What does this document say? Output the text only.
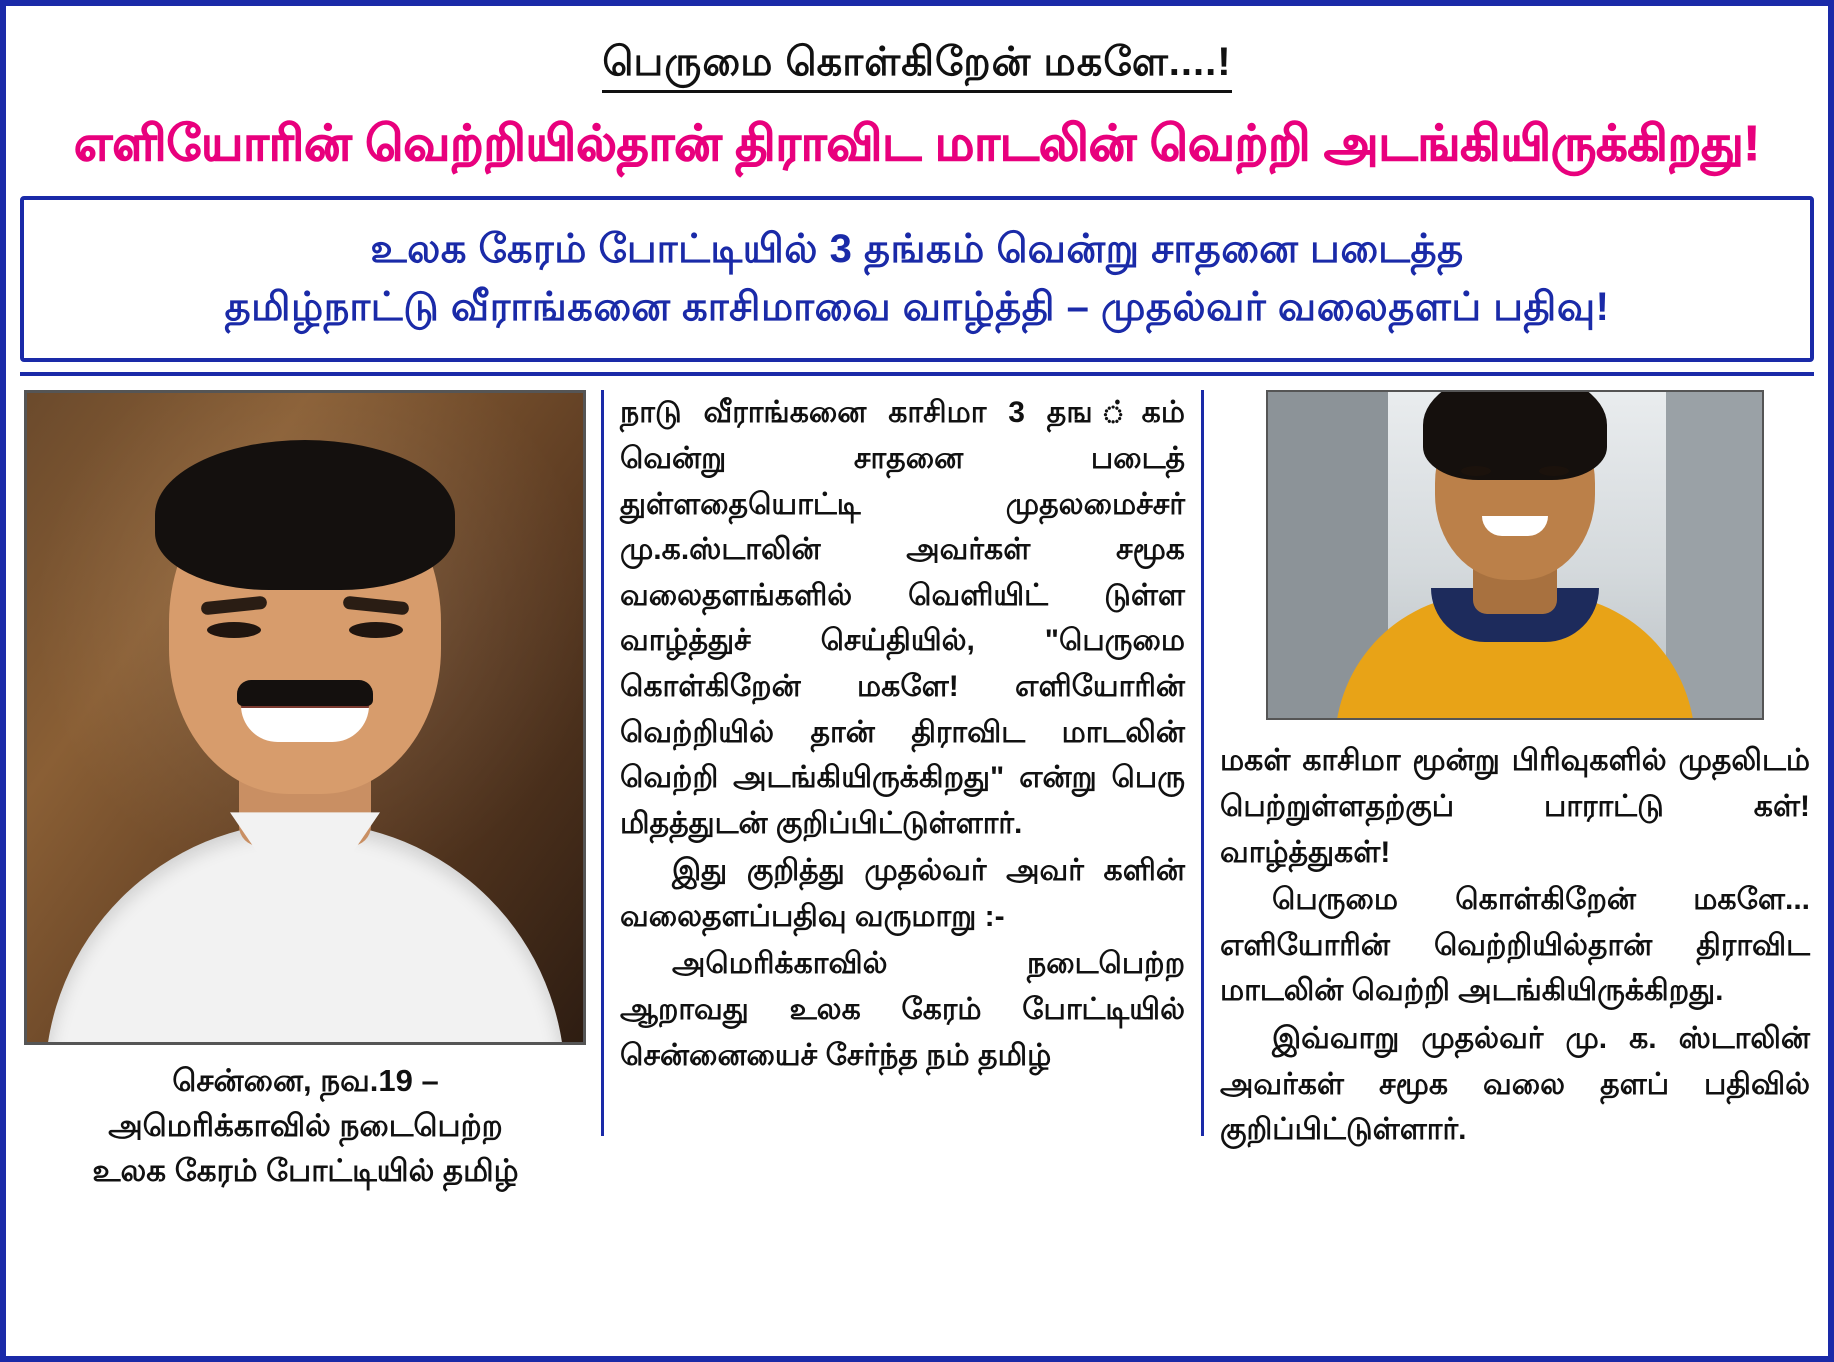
பெருமை கொள்கிறேன் மகளே....!
எளியோரின் வெற்றியில்தான் திராவிட மாடலின் வெற்றி அடங்கியிருக்கிறது!
உலக கேரம் போட்டியில் 3 தங்கம் வென்று சாதனை படைத்த
தமிழ்நாட்டு வீராங்கனை காசிமாவை வாழ்த்தி – முதல்வர் வலைதளப் பதிவு!
சென்னை, நவ.19 –
அமெரிக்காவில் நடைபெற்ற
உலக கேரம் போட்டியில் தமிழ்

நாடு வீராங்கனை காசிமா 3 தங ்கம் வென்று சாதனை படைத் துள்ளதையொட்டி முதலமைச்சர் மு.க.ஸ்டாலின் அவர்கள் சமூக வலைதளங்களில் வெளியிட் டுள்ள வாழ்த்துச் செய்தியில், "பெருமை கொள்கிறேன் மகளே! எளியோரின் வெற்றியில் தான் திராவிட மாடலின் வெற்றி அடங்கியிருக்கிறது" என்று பெரு மிதத்துடன் குறிப்பிட்டுள்ளார்.

இது குறித்து முதல்வர் அவர் களின் வலைதளப்பதிவு வருமாறு :-

அமெரிக்காவில் நடைபெற்ற ஆறாவது உலக கேரம் போட்டியில் சென்னையைச் சேர்ந்த நம் தமிழ்

மகள் காசிமா மூன்று பிரிவுகளில் முதலிடம் பெற்றுள்ளதற்குப் பாராட்டு கள்! வாழ்த்துகள்!

பெருமை கொள்கிறேன் மகளே... எளியோரின் வெற்றியில்தான் திராவிட மாடலின் வெற்றி அடங்கியிருக்கிறது.

இவ்வாறு முதல்வர் மு. க. ஸ்டாலின் அவர்கள் சமூக வலை தளப் பதிவில் குறிப்பிட்டுள்ளார்.
